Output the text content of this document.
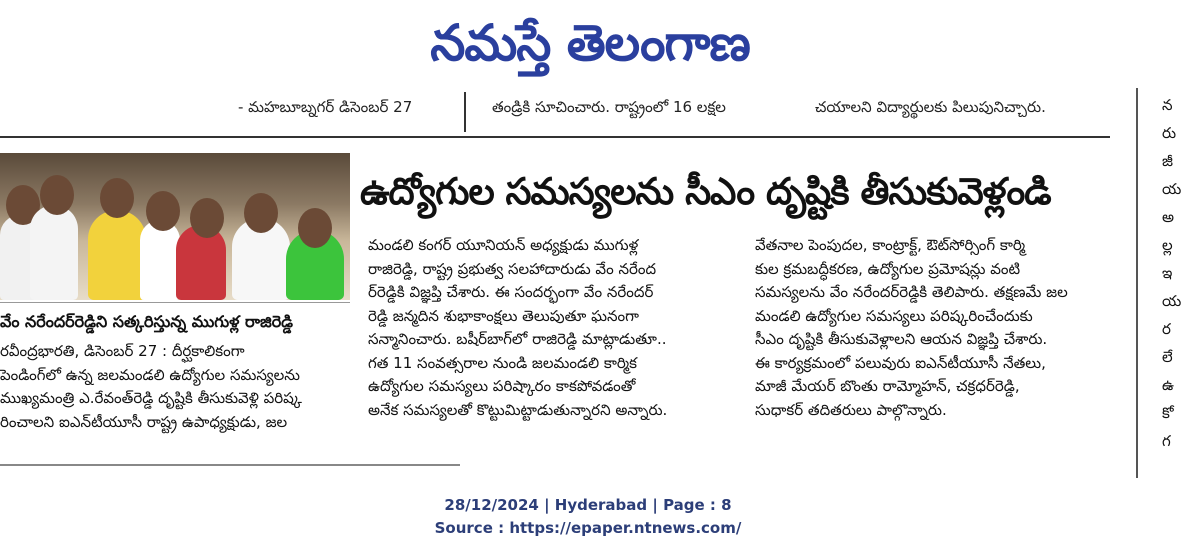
నమస్తే తెలంగాణ
- మహబూబ్నగర్ డిసెంబర్ 27	తండ్రికి సూచించారు. రాష్ట్రంలో 16 లక్షల	చయాలని విద్యార్థులకు పిలుపునిచ్చారు.
వేం నరేందర్‌రెడ్డిని సత్కరిస్తున్న ముగుళ్ల రాజిరెడ్డి
ఉద్యోగుల సమస్యలను సీఎం దృష్టికి తీసుకువెళ్లండి
రవీంద్రభారతి, డిసెంబర్ 27 : దీర్ఘకాలికంగా
పెండింగ్‌లో ఉన్న జలమండలి ఉద్యోగుల సమస్యలను
ముఖ్యమంత్రి ఎ.రేవంత్‌రెడ్డి దృష్టికి తీసుకువెళ్లి పరిష్క
రించాలని ఐఎన్‌టీయూసీ రాష్ట్ర ఉపాధ్యక్షుడు, జల
మండలి కంగర్ యూనియన్ అధ్యక్షుడు ముగుళ్ల
రాజిరెడ్డి, రాష్ట్ర ప్రభుత్వ సలహాదారుడు వేం నరేంద
ర్‌రెడ్డికి విజ్ఞప్తి చేశారు. ఈ సందర్భంగా వేం నరేందర్
రెడ్డి జన్మదిన శుభాకాంక్షలు తెలుపుతూ ఘనంగా
సన్మానించారు. బషీర్‌బాగ్‌లో రాజిరెడ్డి మాట్లాడుతూ..
గత 11 సంవత్సరాల నుండి జలమండలి కార్మిక
ఉద్యోగుల సమస్యలు పరిష్కారం కాకపోవడంతో
అనేక సమస్యలతో కొట్టుమిట్టాడుతున్నారని అన్నారు.
వేతనాల పెంపుదల, కాంట్రాక్ట్, ఔట్‌సోర్సింగ్ కార్మి
కుల క్రమబద్ధీకరణ, ఉద్యోగుల ప్రమోషన్లు వంటి
సమస్యలను వేం నరేందర్‌రెడ్డికి తెలిపారు. తక్షణమే జల
మండలి ఉద్యోగుల సమస్యలు పరిష్కరించేందుకు
సీఎం దృష్టికి తీసుకువెళ్లాలని ఆయన విజ్ఞప్తి చేశారు.
ఈ కార్యక్రమంలో పలువురు ఐఎన్‌టీయూసీ నేతలు,
మాజీ మేయర్ బొంతు రామ్మోహన్, చక్రధర్‌రెడ్డి,
సుధాకర్ తదితరులు పాల్గొన్నారు.
న
రు
జీ
య
అ
ల్ల
ఇ
య
ర
లే
ఉ
కో
గ
28/12/2024 | Hyderabad | Page : 8
Source : https://epaper.ntnews.com/
